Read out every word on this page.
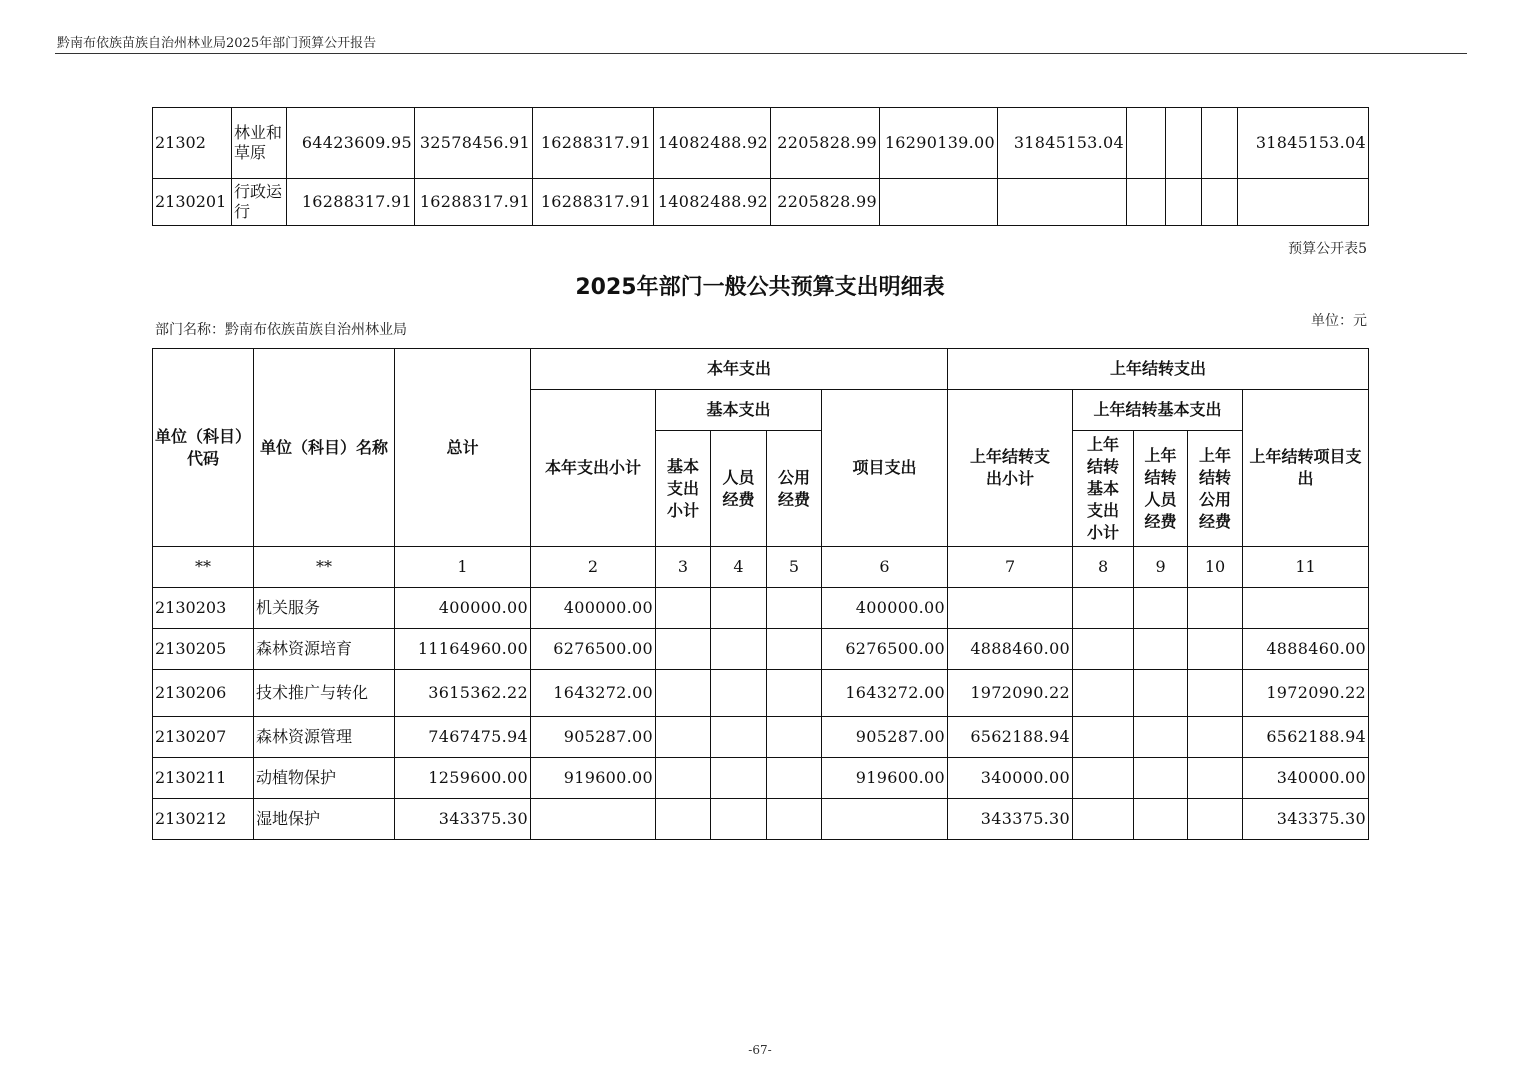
黔南布依族苗族自治州林业局2025年部门预算公开报告
21302	林业和草原	64423609.95	32578456.91	16288317.91	14082488.92	2205828.99	16290139.00	31845153.04				31845153.04
2130201	行政运行	16288317.91	16288317.91	16288317.91	14082488.92	2205828.99						
预算公开表5
2025年部门一般公共预算支出明细表
部门名称：黔南布依族苗族自治州林业局
单位：元
单位（科目）代码	单位（科目）名称	总计	本年支出					上年结转支出				
			本年支出小计	基本支出			项目支出	上年结转支出小计	上年结转基本支出			上年结转项目支出
				基本支出小计	人员经费	公用经费			上年结转基本支出小计	上年结转人员经费	上年结转公用经费	
**	**	1	2	3	4	5	6	7	8	9	10	11
2130203	机关服务	400000.00	400000.00				400000.00					
2130205	森林资源培育	11164960.00	6276500.00				6276500.00	4888460.00				4888460.00
2130206	技术推广与转化	3615362.22	1643272.00				1643272.00	1972090.22				1972090.22
2130207	森林资源管理	7467475.94	905287.00				905287.00	6562188.94				6562188.94
2130211	动植物保护	1259600.00	919600.00				919600.00	340000.00				340000.00
2130212	湿地保护	343375.30						343375.30				343375.30
-67-
